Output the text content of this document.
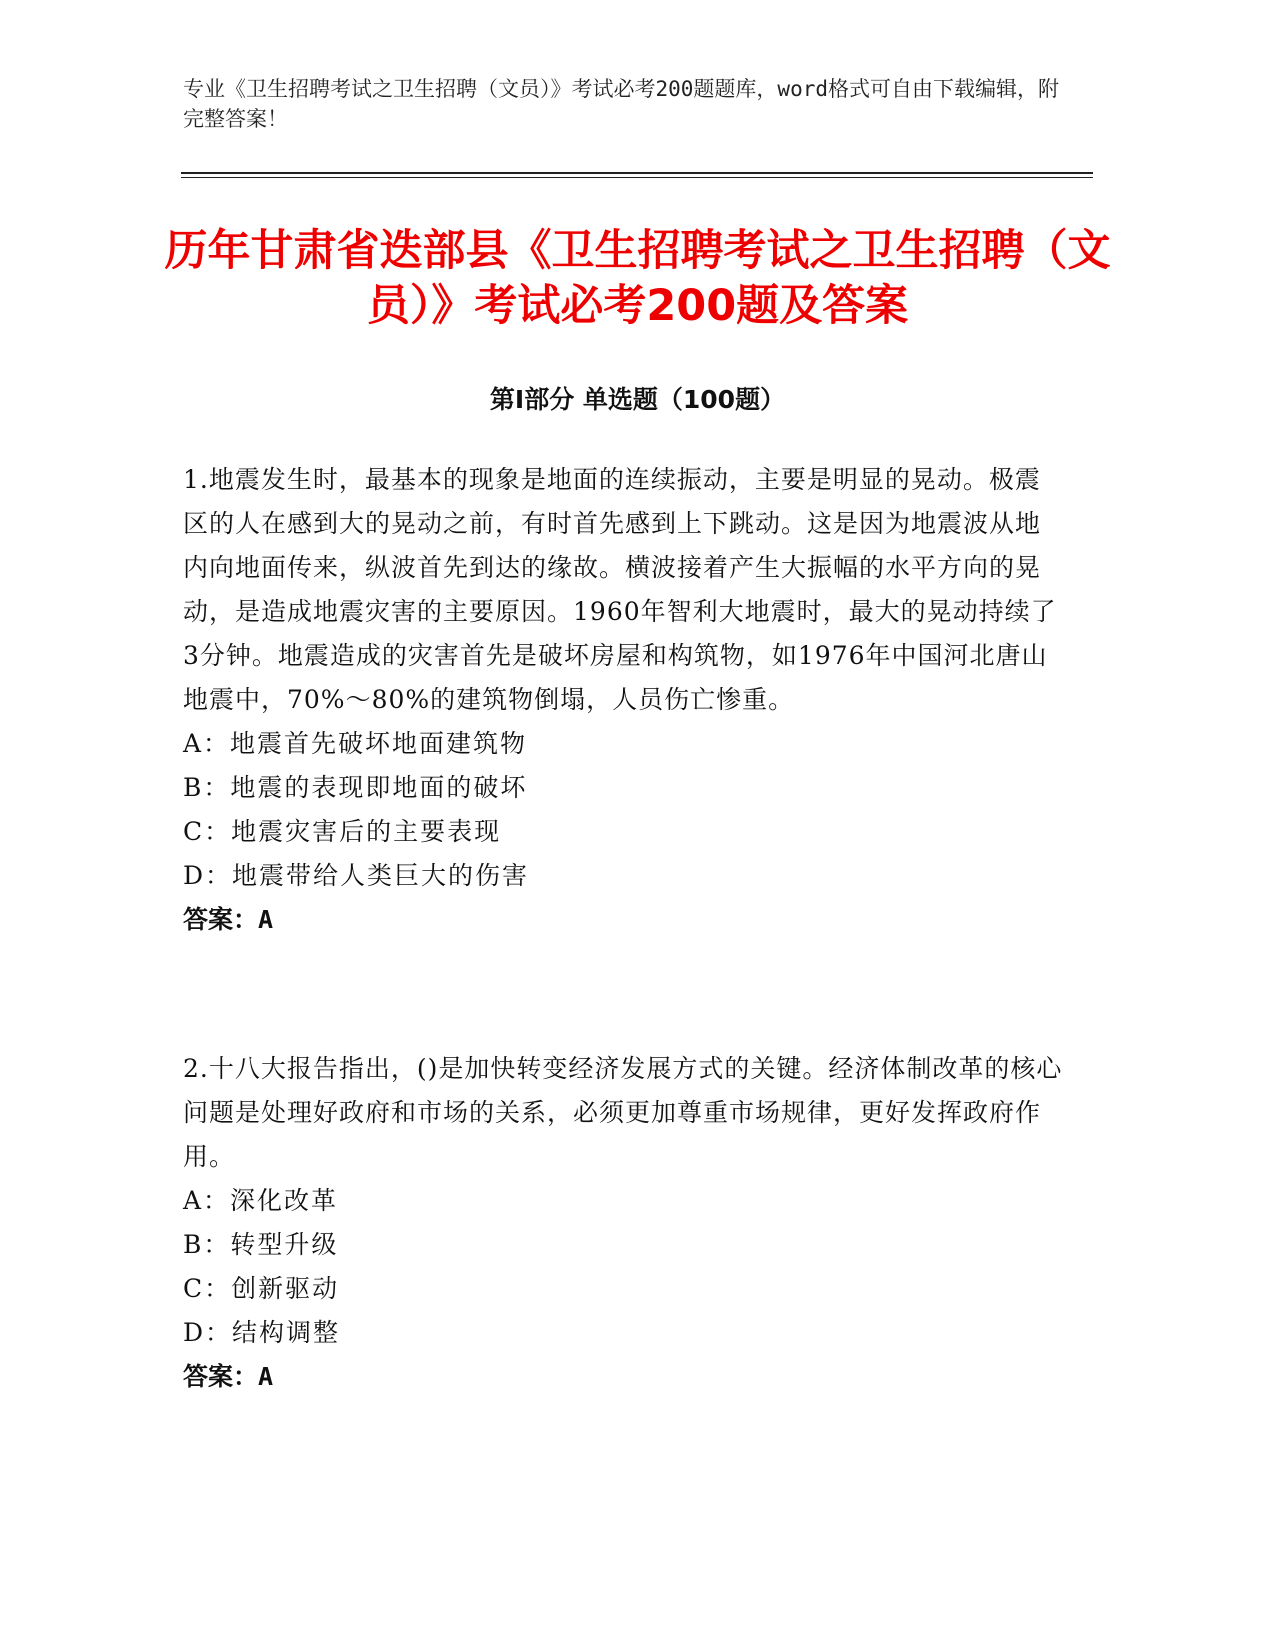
专业《卫生招聘考试之卫生招聘（文员）》考试必考200题题库，word格式可自由下载编辑，附完整答案！
历年甘肃省迭部县《卫生招聘考试之卫生招聘（文员）》考试必考200题及答案
第Ⅰ部分 单选题（100题）

1.地震发生时，最基本的现象是地面的连续振动，主要是明显的晃动。极震区的人在感到大的晃动之前，有时首先感到上下跳动。这是因为地震波从地内向地面传来，纵波首先到达的缘故。横波接着产生大振幅的水平方向的晃动，是造成地震灾害的主要原因。1960年智利大地震时，最大的晃动持续了3分钟。地震造成的灾害首先是破坏房屋和构筑物，如1976年中国河北唐山地震中，70%～80%的建筑物倒塌，人员伤亡惨重。

A：地震首先破坏地面建筑物

B：地震的表现即地面的破坏

C：地震灾害后的主要表现

D：地震带给人类巨大的伤害

答案：A

2.十八大报告指出，()是加快转变经济发展方式的关键。经济体制改革的核心问题是处理好政府和市场的关系，必须更加尊重市场规律，更好发挥政府作用。

A：深化改革

B：转型升级

C：创新驱动

D：结构调整

答案：A
